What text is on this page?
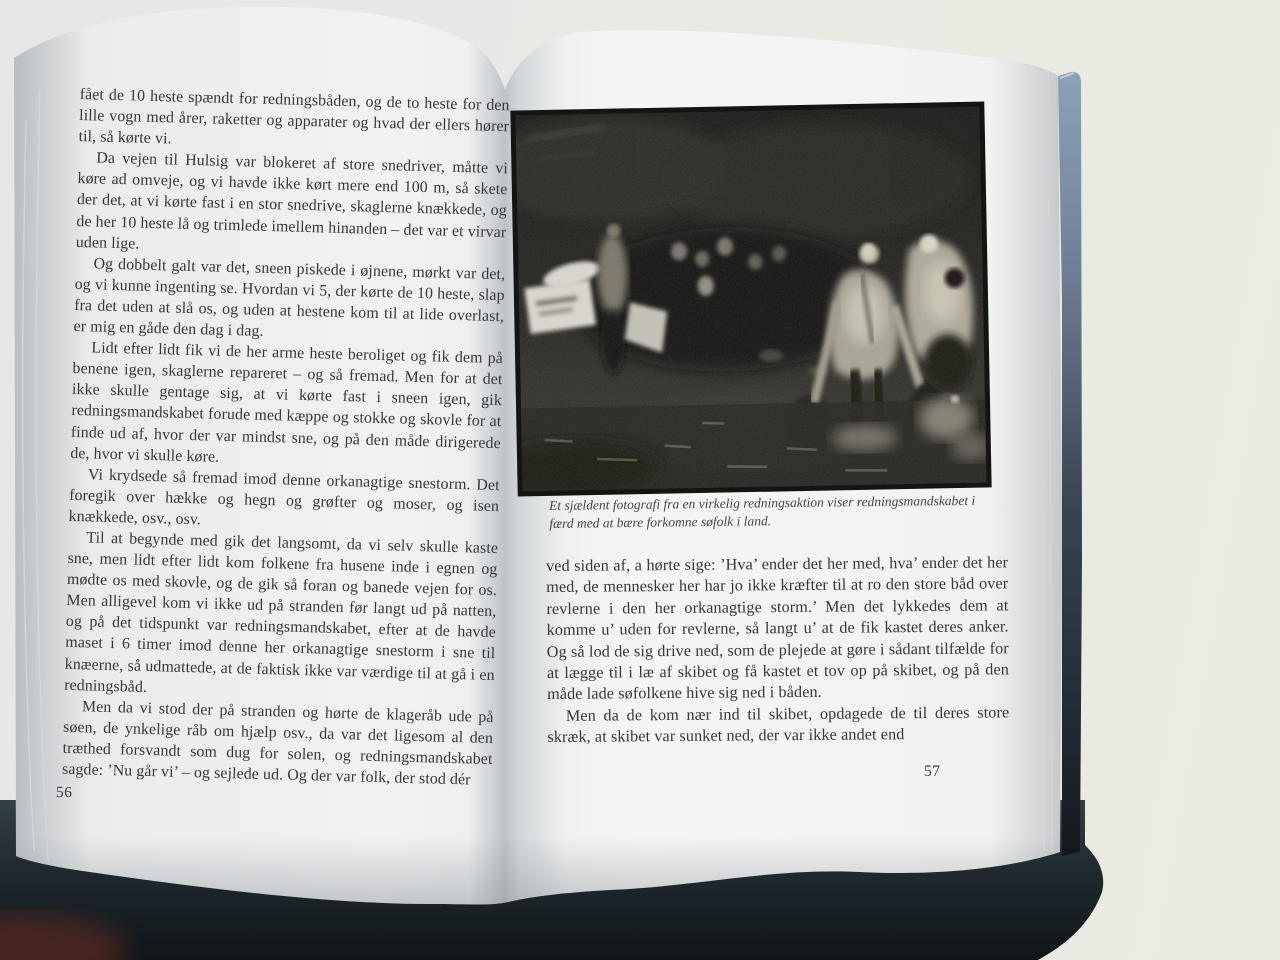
fået de 10 heste spændt for redningsbåden, og de to heste for den lille vogn med årer, raketter og apparater og hvad der ellers hører til, så kørte vi.

Da vejen til Hulsig var blokeret af store snedriver, måtte vi køre ad omveje, og vi havde ikke kørt mere end 100 m, så skete der det, at vi kørte fast i en stor snedrive, skaglerne knækkede, og de her 10 heste lå og trimlede imellem hinanden – det var et virvar uden lige.

Og dobbelt galt var det, sneen piskede i øjnene, mørkt var det, og vi kunne ingenting se. Hvordan vi 5, der kørte de 10 heste, slap fra det uden at slå os, og uden at hestene kom til at lide overlast, er mig en gåde den dag i dag.

Lidt efter lidt fik vi de her arme heste beroliget og fik dem på benene igen, skaglerne repareret – og så fremad. Men for at det ikke skulle gentage sig, at vi kørte fast i sneen igen, gik redningsmandskabet forude med kæppe og stokke og skovle for at finde ud af, hvor der var mindst sne, og på den måde dirigerede de, hvor vi skulle køre.

Vi krydsede så fremad imod denne orkanagtige snestorm. Det foregik over hække og hegn og grøfter og moser, og isen knækkede, osv., osv.

Til at begynde med gik det langsomt, da vi selv skulle kaste sne, men lidt efter lidt kom folkene fra husene inde i egnen og mødte os med skovle, og de gik så foran og banede vejen for os. Men alligevel kom vi ikke ud på stranden før langt ud på natten, og på det tidspunkt var redningsmandskabet, efter at de havde maset i 6 timer imod denne her orkanagtige snestorm i sne til knæerne, så udmattede, at de faktisk ikke var værdige til at gå i en redningsbåd.

Men da vi stod der på stranden og hørte de klageråb ude på søen, de ynkelige råb om hjælp osv., da var det ligesom al den træthed forsvandt som dug for solen, og redningsmandskabet sagde: ’Nu går vi’ – og sejlede ud. Og der var folk, der stod dér

56
Et sjældent fotografi fra en virkelig redningsaktion viser redningsmandskabet i færd med at bære forkomne søfolk i land.

ved siden af, a hørte sige: ’Hva’ ender det her med, hva’ ender det her med, de mennesker her har jo ikke kræfter til at ro den store båd over revlerne i den her orkanagtige storm.’ Men det lykkedes dem at komme u’ uden for revlerne, så langt u’ at de fik kastet deres anker. Og så lod de sig drive ned, som de plejede at gøre i sådant tilfælde for at lægge til i læ af skibet og få kastet et tov op på skibet, og på den måde lade søfolkene hive sig ned i båden.

Men da de kom nær ind til skibet, opdagede de til deres store skræk, at skibet var sunket ned, der var ikke andet end

57
